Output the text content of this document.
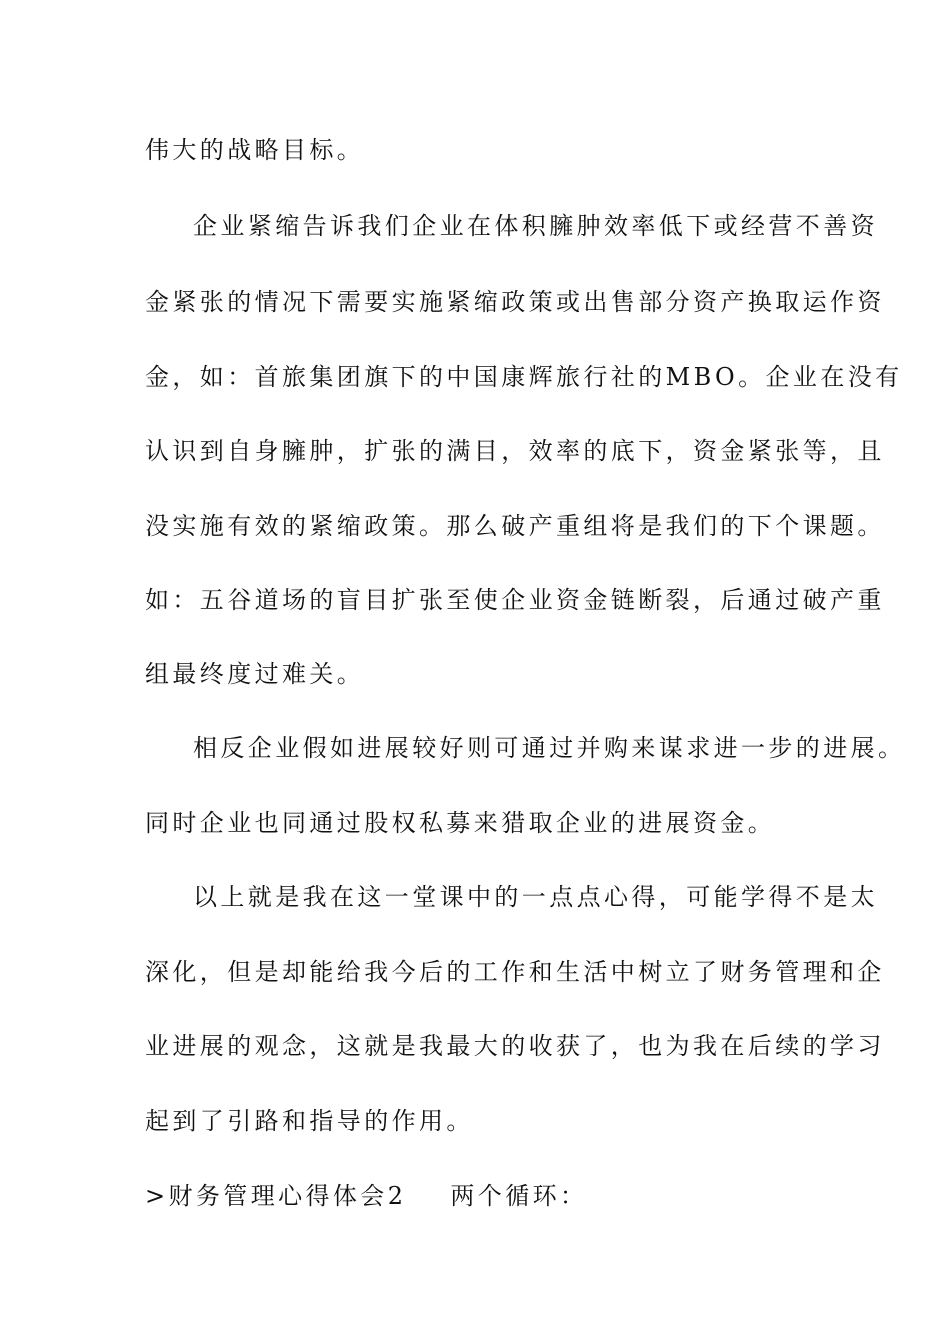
伟大的战略目标。
企业紧缩告诉我们企业在体积臃肿效率低下或经营不善资
金紧张的情况下需要实施紧缩政策或出售部分资产换取运作资
金，如：首旅集团旗下的中国康辉旅行社的MBO。企业在没有
认识到自身臃肿，扩张的满目，效率的底下，资金紧张等，且
没实施有效的紧缩政策。那么破产重组将是我们的下个课题。
如：五谷道场的盲目扩张至使企业资金链断裂，后通过破产重
组最终度过难关。
相反企业假如进展较好则可通过并购来谋求进一步的进展。
同时企业也同通过股权私募来猎取企业的进展资金。
以上就是我在这一堂课中的一点点心得，可能学得不是太
深化，但是却能给我今后的工作和生活中树立了财务管理和企
业进展的观念，这就是我最大的收获了，也为我在后续的学习
起到了引路和指导的作用。
>财务管理心得体会2 两个循环：
